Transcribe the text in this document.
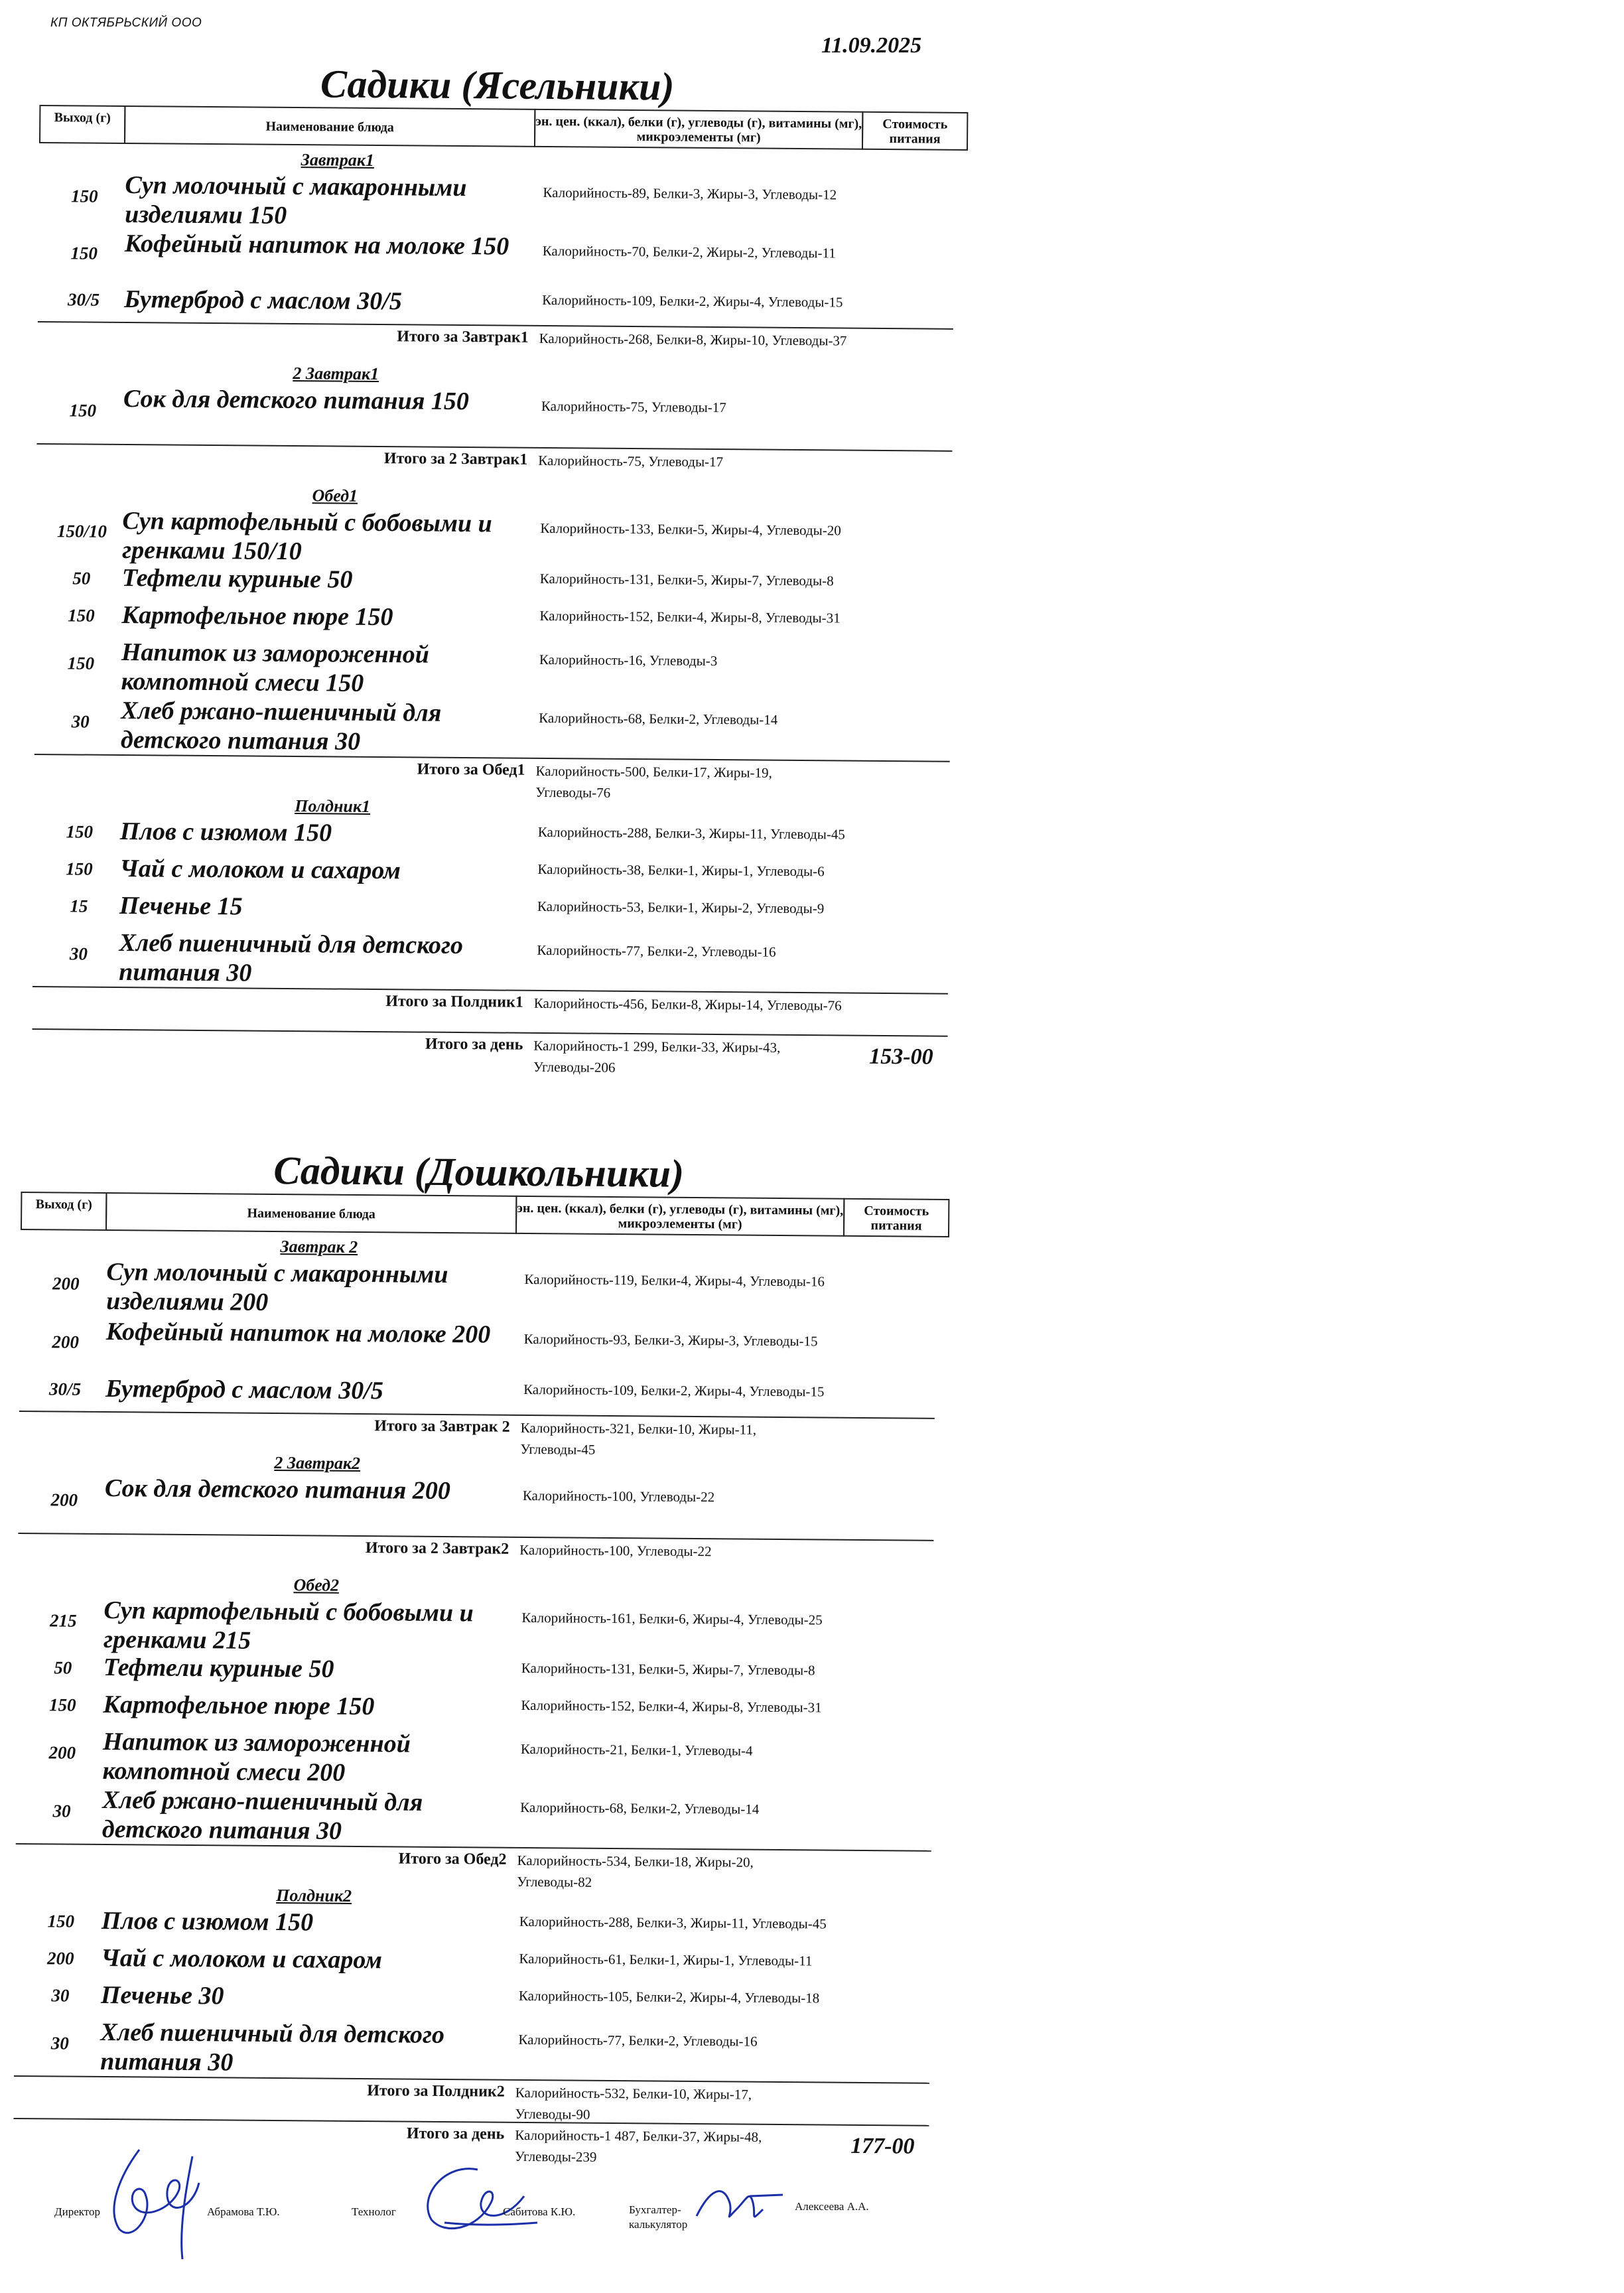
КП ОКТЯБРЬСКИЙ ООО
11.09.2025
Садики (Ясельники)
Выход (г)
Наименование блюда	эн. цен. (ккал), белки (г), углеводы (г), витамины (мг), микроэлементы (мг)
Стоимость питания
Завтрак1
150	Суп молочный с макаронными изделиями 150
Калорийность-89, Белки-3, Жиры-3, Углеводы-12
150	Кофейный напиток на молоке 150	Калорийность-70, Белки-2, Жиры-2, Углеводы-11
30/5 Бутерброд с маслом 30/5	Калорийность-109, Белки-2, Жиры-4, Углеводы-15
Итого за Завтрак1 Калорийность-268, Белки-8, Жиры-10, Углеводы-37
2 Завтрак1
150	Сок для детского питания 150	Калорийность-75, Углеводы-17
Итого за 2 Завтрак1 Калорийность-75, Углеводы-17
Обед1
150/10 Суп картофельный с бобовыми и гренками 150/10
Калорийность-133, Белки-5, Жиры-4, Углеводы-20
50	Тефтели куриные 50	Калорийность-131, Белки-5, Жиры-7, Углеводы-8
150	Картофельное пюре 150	Калорийность-152, Белки-4, Жиры-8, Углеводы-31
150	Напиток из замороженной компотной смеси 150
Калорийность-16, Углеводы-3
30	Хлеб ржано-пшеничный для детского питания 30
Калорийность-68, Белки-2, Углеводы-14
Итого за Обед1 Калорийность-500, Белки-17, Жиры-19, Углеводы-76
Полдник1
150	Плов с изюмом 150	Калорийность-288, Белки-3, Жиры-11, Углеводы-45
150	Чай с молоком и сахаром	Калорийность-38, Белки-1, Жиры-1, Углеводы-6
15	Печенье 15	Калорийность-53, Белки-1, Жиры-2, Углеводы-9
30	Хлеб пшеничный для детского питания 30
Калорийность-77, Белки-2, Углеводы-16
Итого за Полдник1 Калорийность-456, Белки-8, Жиры-14, Углеводы-76
Итого за день Калорийность-1 299, Белки-33, Жиры-43, Углеводы-206	153-00
Садики (Дошкольники)
Выход (г)
Наименование блюда	эн. цен. (ккал), белки (г), углеводы (г), витамины (мг), микроэлементы (мг)
Стоимость питания
Завтрак 2
200	Суп молочный с макаронными изделиями 200
Калорийность-119, Белки-4, Жиры-4, Углеводы-16
200	Кофейный напиток на молоке 200	Калорийность-93, Белки-3, Жиры-3, Углеводы-15
30/5 Бутерброд с маслом 30/5	Калорийность-109, Белки-2, Жиры-4, Углеводы-15
Итого за Завтрак 2 Калорийность-321, Белки-10, Жиры-11, Углеводы-45
2 Завтрак2
200	Сок для детского питания 200	Калорийность-100, Углеводы-22
Итого за 2 Завтрак2 Калорийность-100, Углеводы-22
Обед2
215	Суп картофельный с бобовыми и гренками 215
Калорийность-161, Белки-6, Жиры-4, Углеводы-25
50	Тефтели куриные 50	Калорийность-131, Белки-5, Жиры-7, Углеводы-8
150	Картофельное пюре 150	Калорийность-152, Белки-4, Жиры-8, Углеводы-31
200	Напиток из замороженной компотной смеси 200
Калорийность-21, Белки-1, Углеводы-4
30	Хлеб ржано-пшеничный для детского питания 30
Калорийность-68, Белки-2, Углеводы-14
Итого за Обед2 Калорийность-534, Белки-18, Жиры-20, Углеводы-82
Полдник2
150	Плов с изюмом 150	Калорийность-288, Белки-3, Жиры-11, Углеводы-45
200	Чай с молоком и сахаром	Калорийность-61, Белки-1, Жиры-1, Углеводы-11
30	Печенье 30	Калорийность-105, Белки-2, Жиры-4, Углеводы-18
30	Хлеб пшеничный для детского питания 30
Калорийность-77, Белки-2, Углеводы-16
Итого за Полдник2 Калорийность-532, Белки-10, Жиры-17, Углеводы-90
Итого за день Калорийность-1 487, Белки-37, Жиры-48, Углеводы-239	177-00
Директор	Абрамова Т.Ю.	Технолог	Сабитова К.Ю.	Бухгалтер-калькулятор
Алексеева А.А.
